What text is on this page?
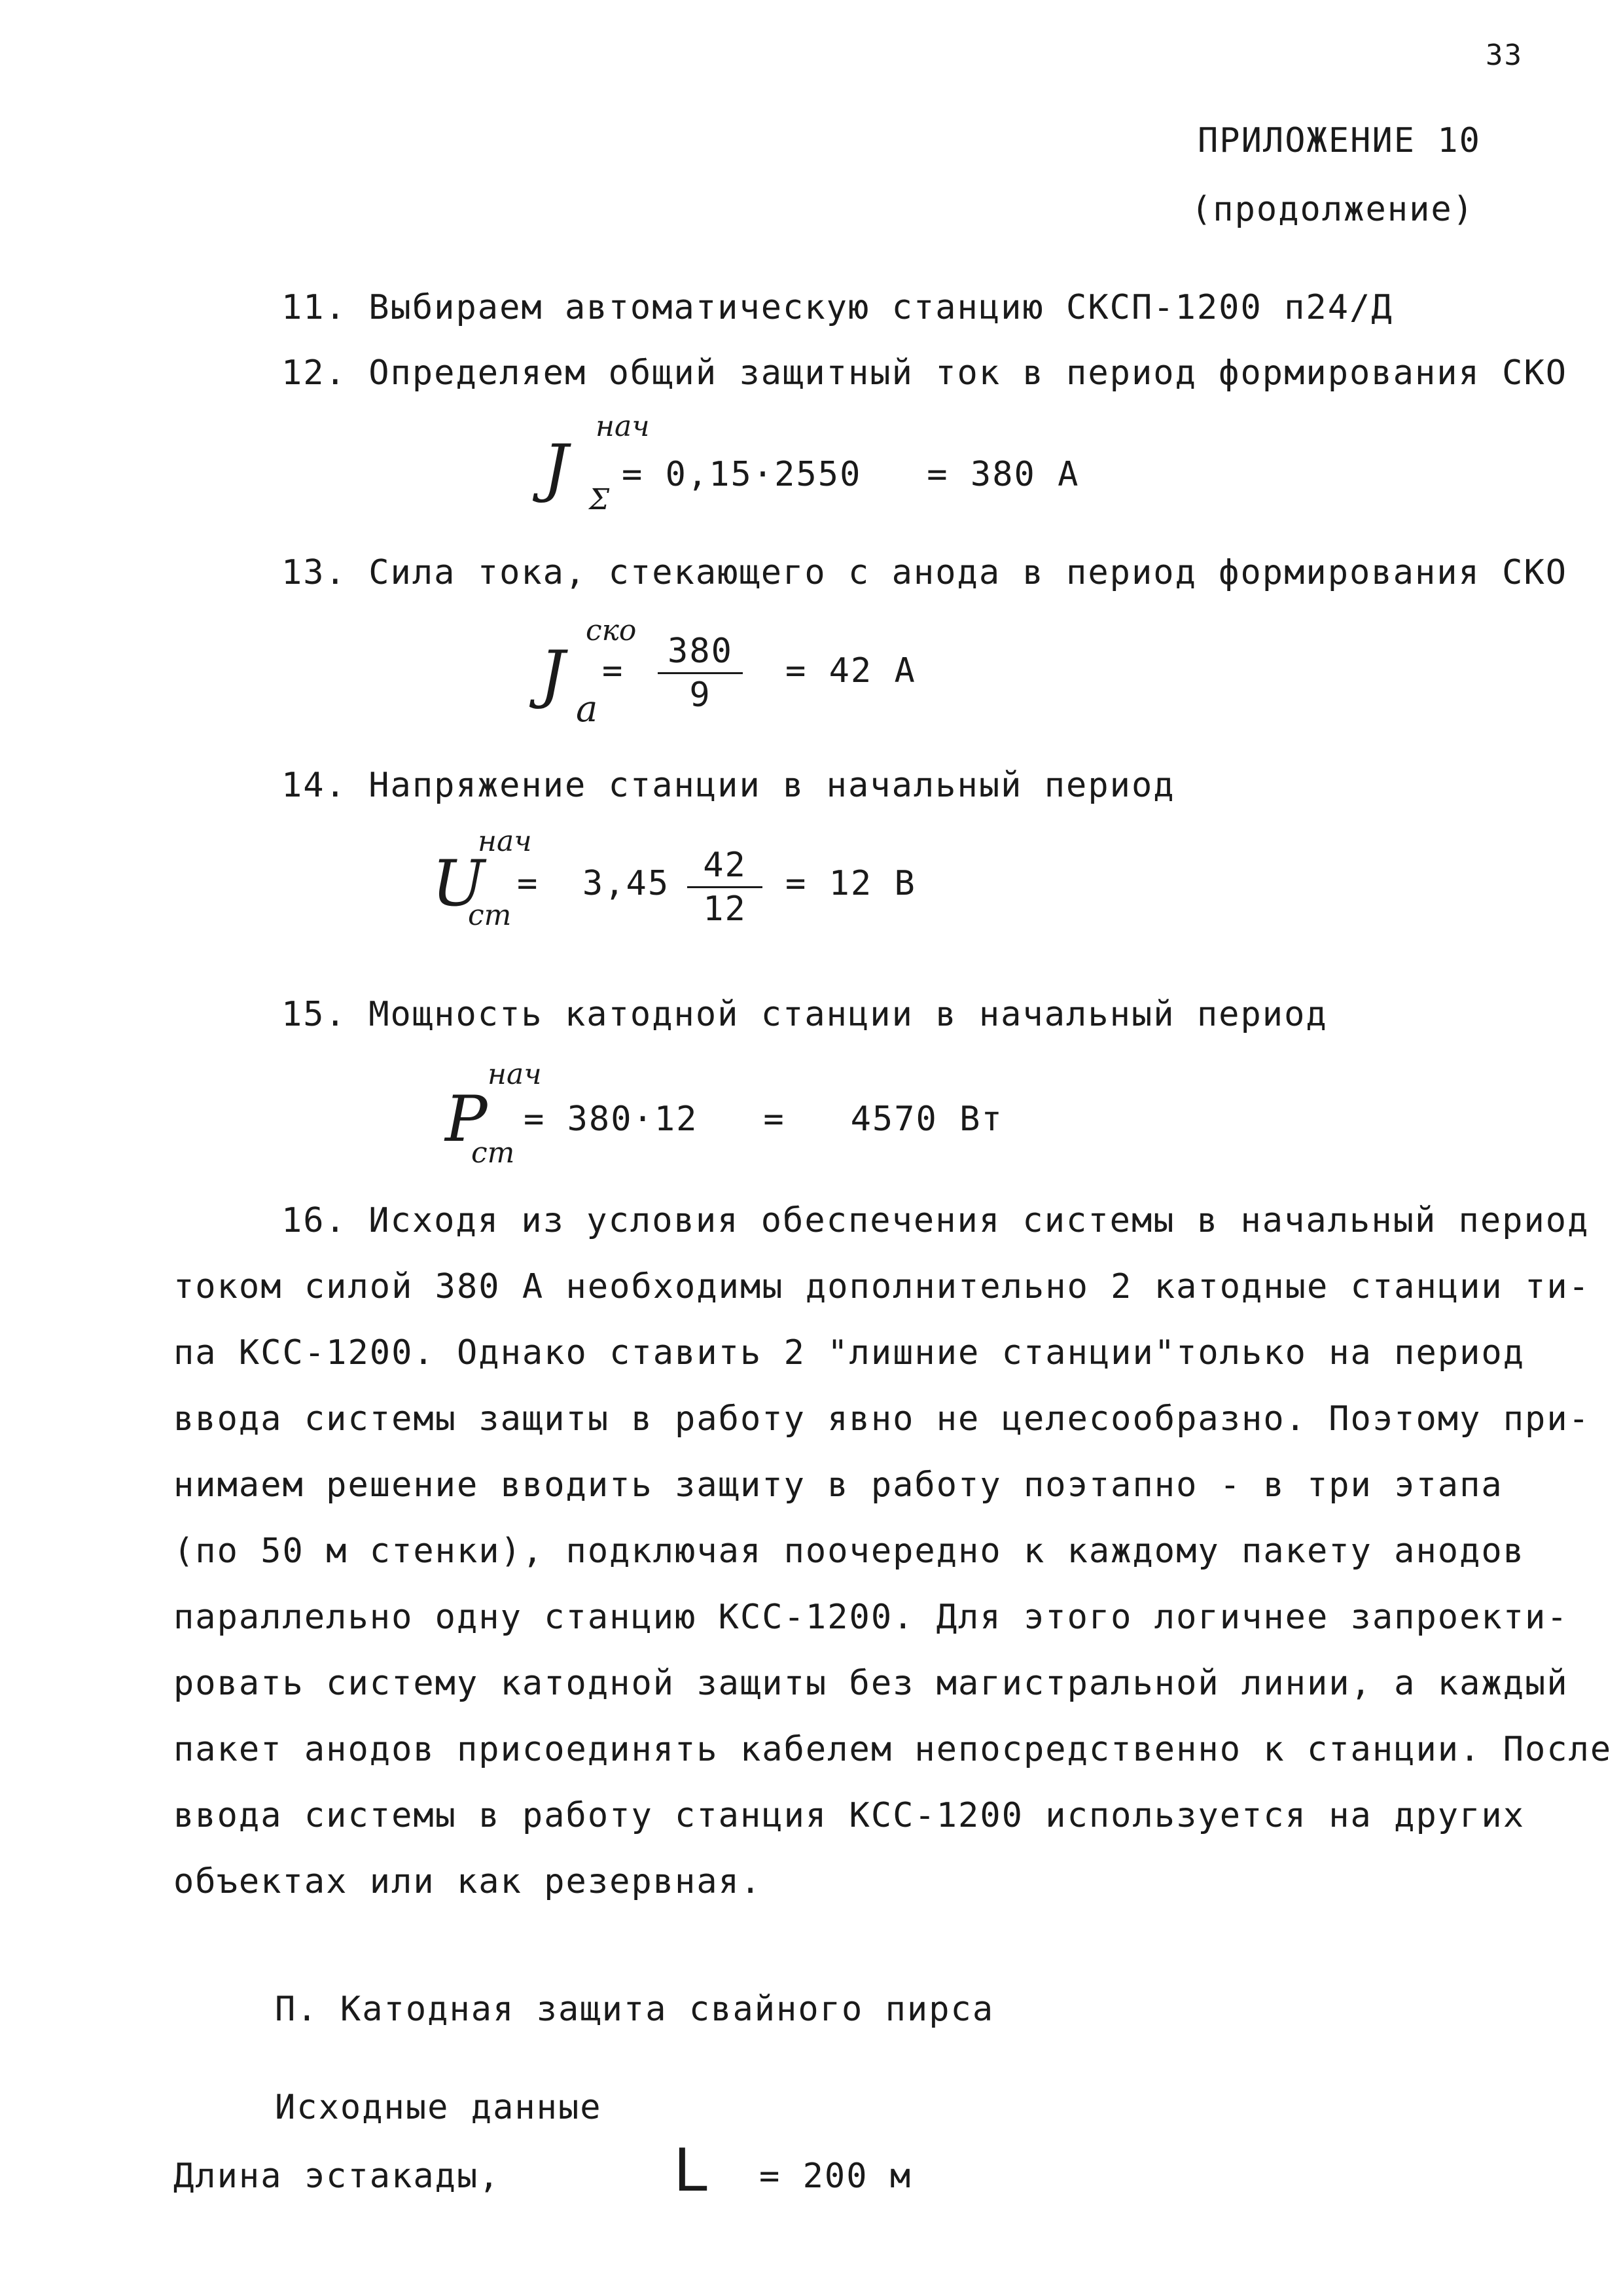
33
ПРИЛОЖЕНИЕ 10
(продолжение)
11. Выбираем автоматическую станцию СКСП-1200 п24/Д
12. Определяем общий защитный ток в период формирования СКО
J
нач
Σ
= 0,15·2550   = 380 А
13. Сила тока, стекающего с анода в период формирования СКО
J
ско
a
= 380
9
= 42 А
14. Напряжение станции в начальный период
U
нач
ст
=  3,45 42
12
= 12 В
15. Мощность катодной станции в начальный период
P
нач
ст
= 380·12   =   4570 Вт
16. Исходя из условия обеспечения системы в начальный период
током силой 380 А необходимы дополнительно 2 катодные станции ти-
па КСС-1200. Однако ставить 2 "лишние станции"только на период
ввода системы защиты в работу явно не целесообразно. Поэтому при-
нимаем решение вводить защиту в работу поэтапно - в три этапа
(по 50 м стенки), подключая поочередно к каждому пакету анодов
параллельно одну станцию КСС-1200. Для этого логичнее запроекти-
ровать систему катодной защиты без магистральной линии, а каждый
пакет анодов присоединять кабелем непосредственно к станции. После
ввода системы в работу станция КСС-1200 используется на других
объектах или как резервная.
П. Катодная защита свайного пирса
Исходные данные
Длина эстакады,	L = 200 м
